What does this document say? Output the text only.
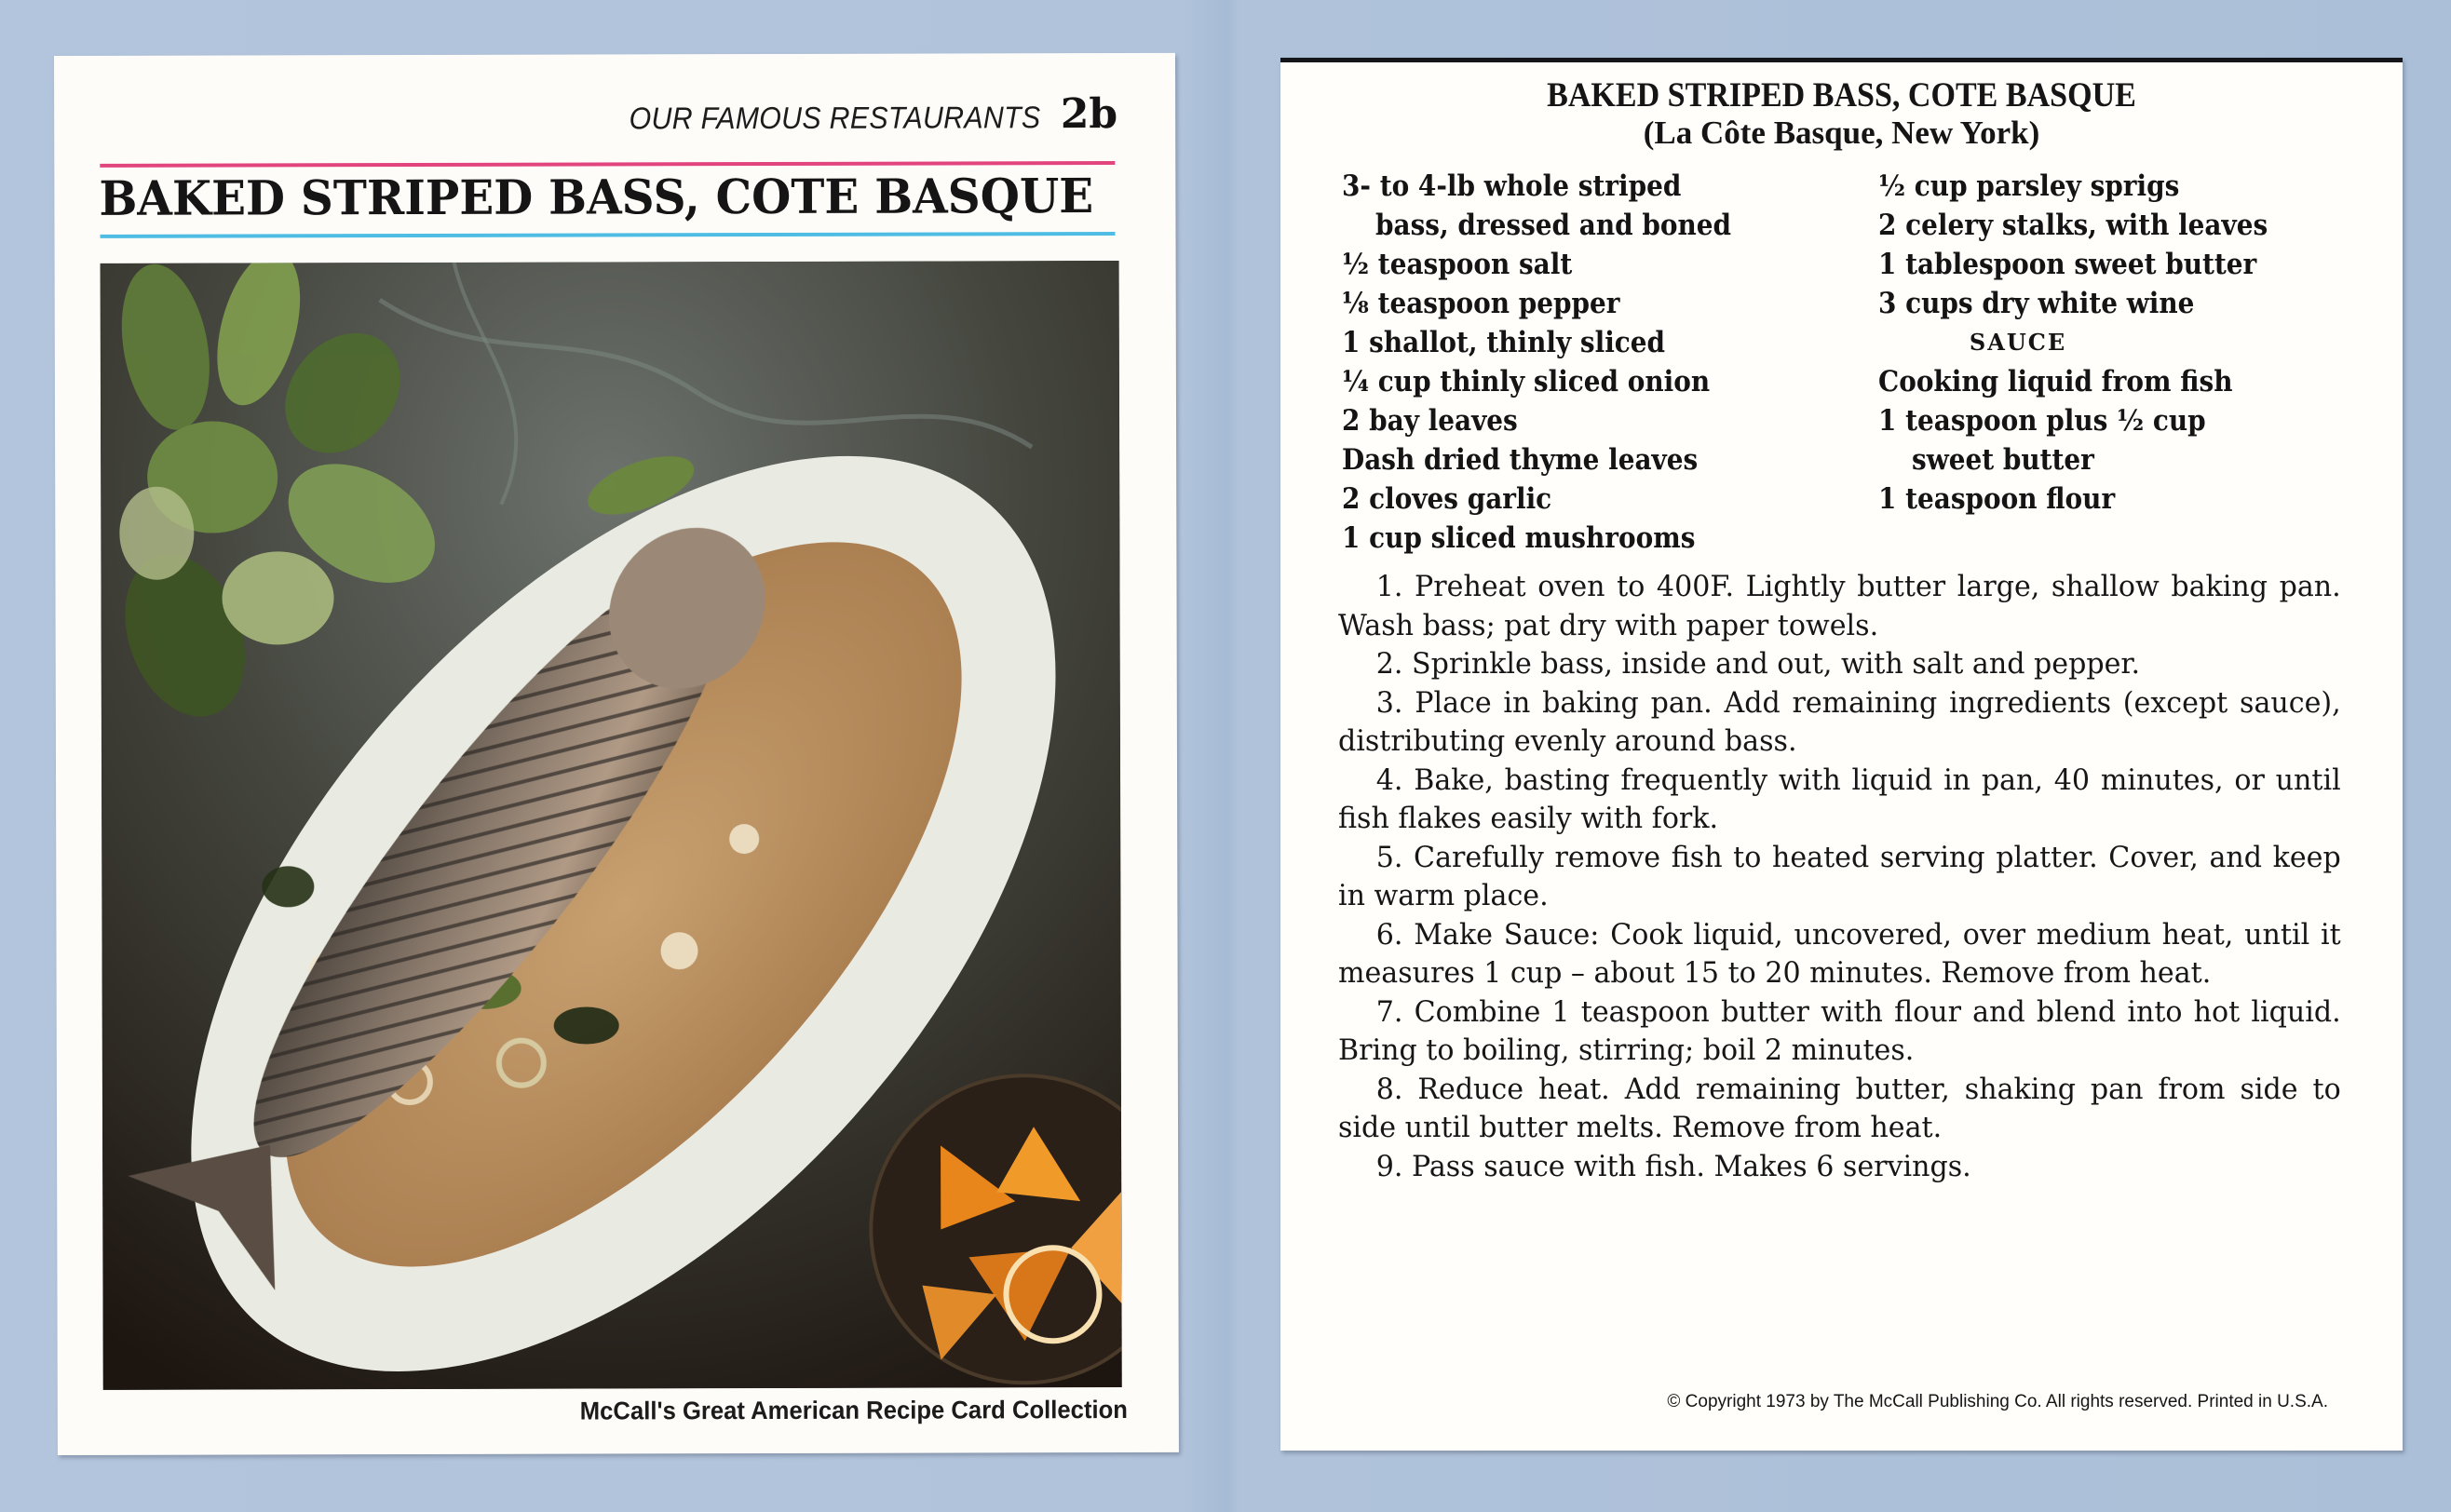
OUR FAMOUS RESTAURANTS 2b
BAKED STRIPED BASS, COTE BASQUE
McCall's Great American Recipe Card Collection
BAKED STRIPED BASS, COTE BASQUE
(La Côte Basque, New York)
3- to 4-lb whole striped
bass, dressed and boned
½ teaspoon salt
⅛ teaspoon pepper
1 shallot, thinly sliced
¼ cup thinly sliced onion
2 bay leaves
Dash dried thyme leaves
2 cloves garlic
1 cup sliced mushrooms
½ cup parsley sprigs
2 celery stalks, with leaves
1 tablespoon sweet butter
3 cups dry white wine
SAUCE
Cooking liquid from fish
1 teaspoon plus ½ cup
sweet butter
1 teaspoon flour
1. Preheat oven to 400F. Lightly butter large, shallow baking pan. Wash bass; pat dry with paper towels.
2. Sprinkle bass, inside and out, with salt and pepper.
3. Place in baking pan. Add remaining ingredients (except sauce), distributing evenly around bass.
4. Bake, basting frequently with liquid in pan, 40 minutes, or until fish flakes easily with fork.
5. Carefully remove fish to heated serving platter. Cover, and keep in warm place.
6. Make Sauce: Cook liquid, uncovered, over medium heat, until it measures 1 cup – about 15 to 20 minutes. Remove from heat.
7. Combine 1 teaspoon butter with flour and blend into hot liquid. Bring to boiling, stirring; boil 2 minutes.
8. Reduce heat. Add remaining butter, shaking pan from side to side until butter melts. Remove from heat.
9. Pass sauce with fish. Makes 6 servings.
© Copyright 1973 by The McCall Publishing Co. All rights reserved. Printed in U.S.A.
